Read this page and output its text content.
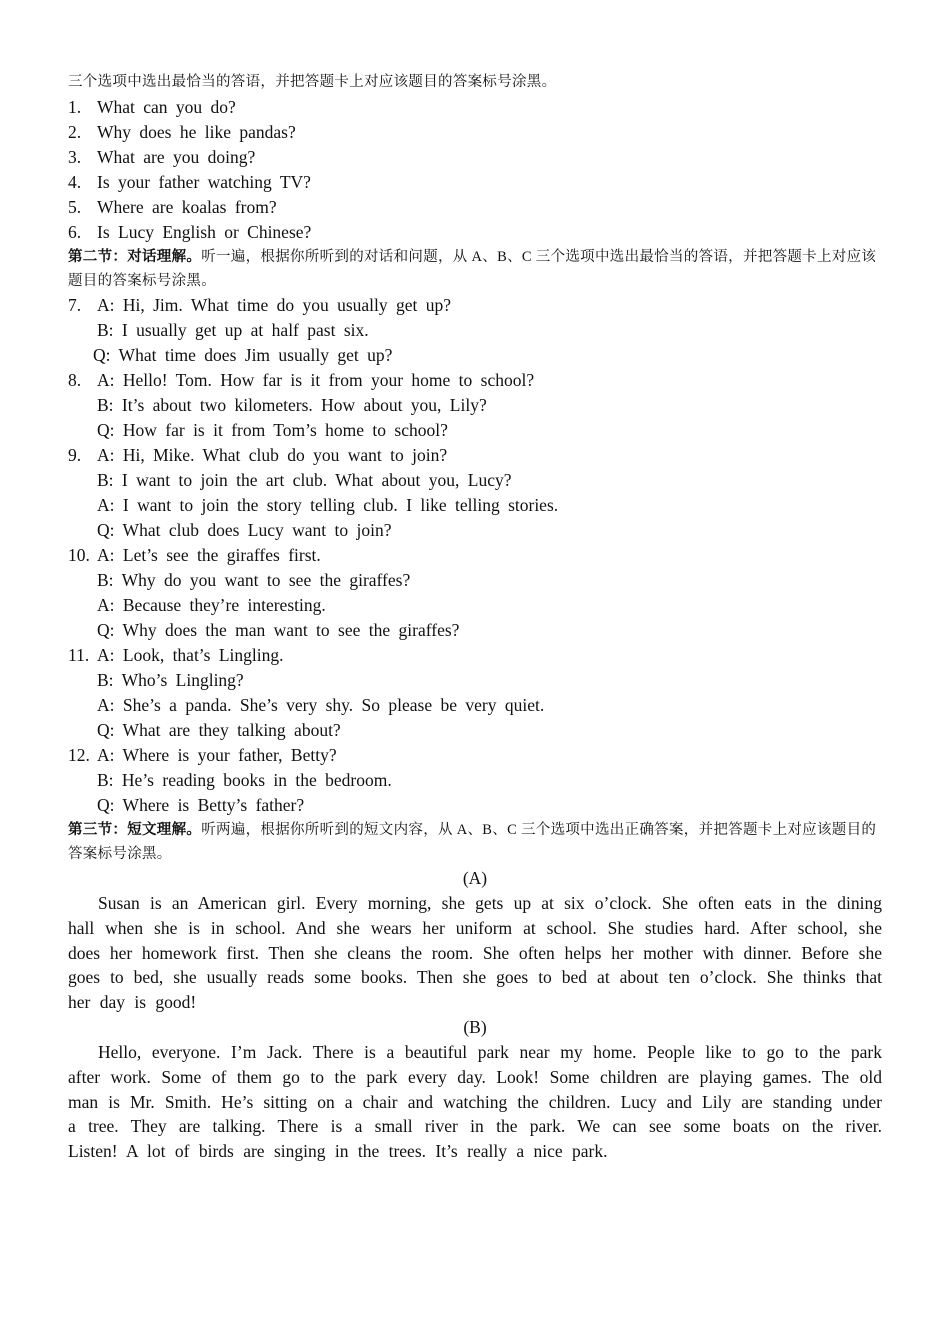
三个选项中选出最恰当的答语，并把答题卡上对应该题目的答案标号涂黑。
1. What can you do?
2. Why does he like pandas?
3. What are you doing?
4. Is your father watching TV?
5. Where are koalas from?
6. Is Lucy English or Chinese?
第二节：对话理解。听一遍，根据你所听到的对话和问题，从 A、B、C 三个选项中选出最恰当的答语，并把答题卡上对应该题目的答案标号涂黑。
7. A: Hi, Jim. What time do you usually get up?
B: I usually get up at half past six.
Q: What time does Jim usually get up?
8. A: Hello! Tom. How far is it from your home to school?
B: It’s about two kilometers. How about you, Lily?
Q: How far is it from Tom’s home to school?
9. A: Hi, Mike. What club do you want to join?
B: I want to join the art club. What about you, Lucy?
A: I want to join the story telling club. I like telling stories.
Q: What club does Lucy want to join?
10. A: Let’s see the giraffes first.
B: Why do you want to see the giraffes?
A: Because they’re interesting.
Q: Why does the man want to see the giraffes?
11. A: Look, that’s Lingling.
B: Who’s Lingling?
A: She’s a panda. She’s very shy. So please be very quiet.
Q: What are they talking about?
12. A: Where is your father, Betty?
B: He’s reading books in the bedroom.
Q: Where is Betty’s father?
第三节：短文理解。听两遍，根据你所听到的短文内容，从 A、B、C 三个选项中选出正确答案，并把答题卡上对应该题目的答案标号涂黑。
(A)
Susan is an American girl. Every morning, she gets up at six o’clock. She often eats in the dining hall when she is in school. And she wears her uniform at school. She studies hard. After school, she does her homework first. Then she cleans the room. She often helps her mother with dinner. Before she goes to bed, she usually reads some books. Then she goes to bed at about ten o’clock. She thinks that her day is good!
(B)
Hello, everyone. I’m Jack. There is a beautiful park near my home. People like to go to the park after work. Some of them go to the park every day. Look! Some children are playing games. The old man is Mr. Smith. He’s sitting on a chair and watching the children. Lucy and Lily are standing under a tree. They are talking. There is a small river in the park. We can see some boats on the river. Listen! A lot of birds are singing in the trees. It’s really a nice park.
